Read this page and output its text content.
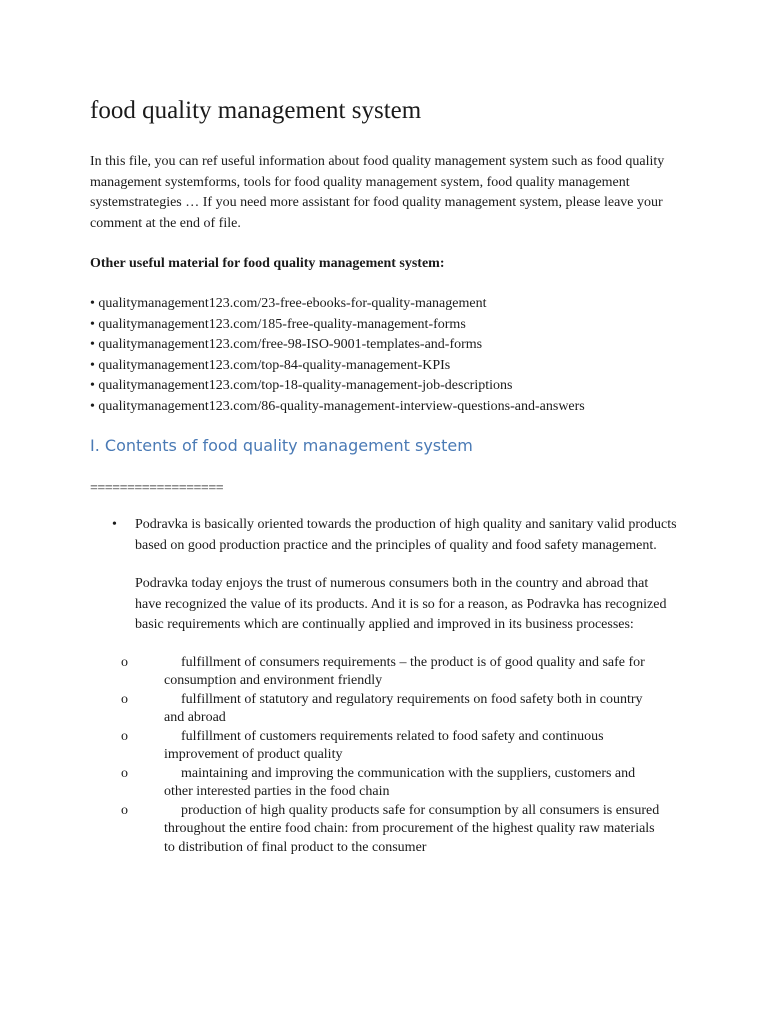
food quality management system

In this file, you can ref useful information about food quality management system such as food quality management systemforms, tools for food quality management system, food quality management systemstrategies … If you need more assistant for food quality management system, please leave your comment at the end of file.

Other useful material for food quality management system:

• qualitymanagement123.com/23-free-ebooks-for-quality-management
• qualitymanagement123.com/185-free-quality-management-forms
• qualitymanagement123.com/free-98-ISO-9001-templates-and-forms
• qualitymanagement123.com/top-84-quality-management-KPIs
• qualitymanagement123.com/top-18-quality-management-job-descriptions
• qualitymanagement123.com/86-quality-management-interview-questions-and-answers
I. Contents of food quality management system
==================
• Podravka is basically oriented towards the production of high quality and sanitary valid products based on good production practice and the principles of quality and food safety management.

Podravka today enjoys the trust of numerous consumers both in the country and abroad that have recognized the value of its products. And it is so for a reason, as Podravka has recognized basic requirements which are continually applied and improved in its business processes:

o	fulfillment of consumers requirements – the product is of good quality and safe for consumption and environment friendly
o	fulfillment of statutory and regulatory requirements on food safety both in country and abroad
o	fulfillment of customers requirements related to food safety and continuous improvement of product quality
o	maintaining and improving the communication with the suppliers, customers and other interested parties in the food chain
o	production of high quality products safe for consumption by all consumers is ensured throughout the entire food chain: from procurement of the highest quality raw materials to distribution of final product to the consumer
